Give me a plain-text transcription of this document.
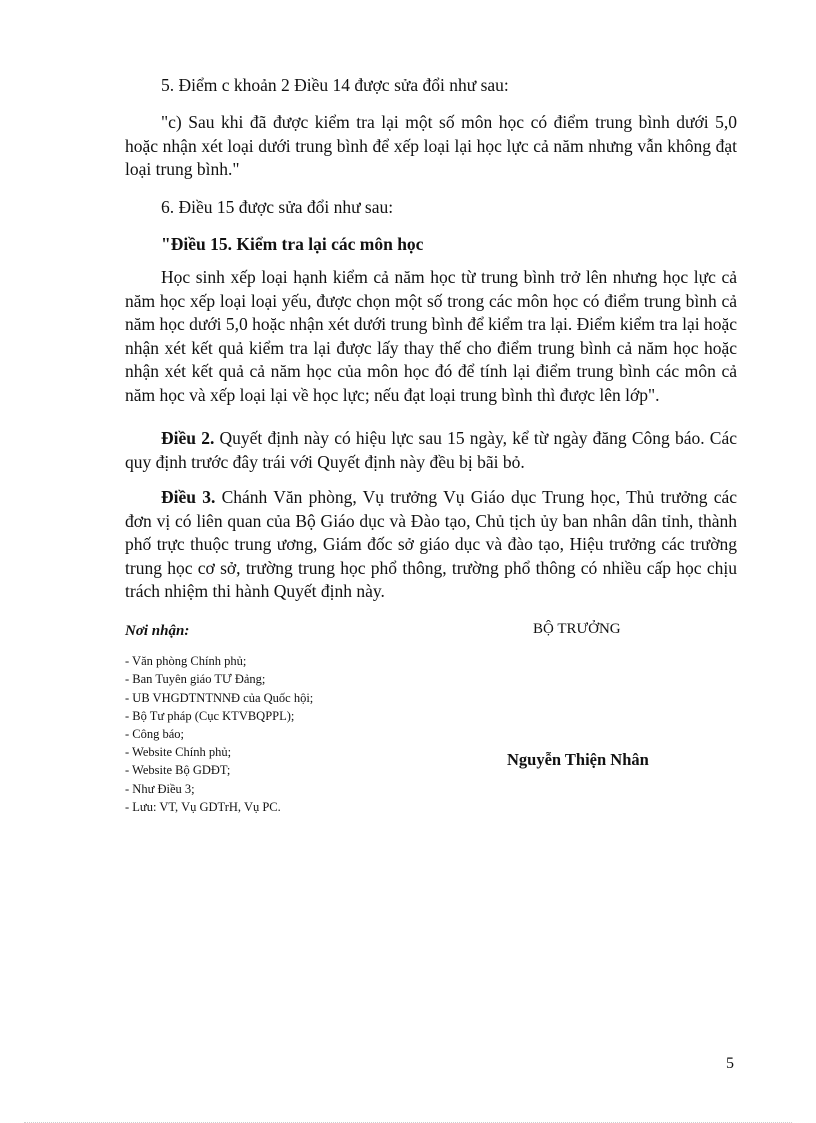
5. Điểm c khoản 2 Điều 14 được sửa đổi như sau:

"c) Sau khi đã được kiểm tra lại một số môn học có điểm trung bình dưới 5,0 hoặc nhận xét loại dưới trung bình để xếp loại lại học lực cả năm nhưng vẫn không đạt loại trung bình."

6. Điều 15 được sửa đổi như sau:

"Điều 15. Kiểm tra lại các môn học

Học sinh xếp loại hạnh kiểm cả năm học từ trung bình trở lên nhưng học lực cả năm học xếp loại loại yếu, được chọn một số trong các môn học có điểm trung bình cả năm học dưới 5,0 hoặc nhận xét dưới trung bình để kiểm tra lại. Điểm kiểm tra lại hoặc nhận xét kết quả kiểm tra lại được lấy thay thế cho điểm trung bình cả năm học hoặc nhận xét kết quả cả năm học của môn học đó để tính lại điểm trung bình các môn cả năm học và xếp loại lại về học lực; nếu đạt loại trung bình thì được lên lớp".

Điều 2. Quyết định này có hiệu lực sau 15 ngày, kể từ ngày đăng Công báo. Các quy định trước đây trái với Quyết định này đều bị bãi bỏ.

Điều 3. Chánh Văn phòng, Vụ trưởng Vụ Giáo dục Trung học, Thủ trưởng các đơn vị có liên quan của Bộ Giáo dục và Đào tạo, Chủ tịch ủy ban nhân dân tỉnh, thành phố trực thuộc trung ương, Giám đốc sở giáo dục và đào tạo, Hiệu trưởng các trường trung học cơ sở, trường trung học phổ thông, trường phổ thông có nhiều cấp học chịu trách nhiệm thi hành Quyết định này.

Nơi nhận:

- Văn phòng Chính phủ;
- Ban Tuyên giáo TƯ Đảng;
- UB VHGDTNTNNĐ của Quốc hội;
- Bộ Tư pháp (Cục KTVBQPPL);
- Công báo;
- Website Chính phủ;
- Website Bộ GDĐT;
- Như Điều 3;
- Lưu: VT, Vụ GDTrH, Vụ PC.
BỘ TRƯỞNG
Nguyễn Thiện Nhân
5
